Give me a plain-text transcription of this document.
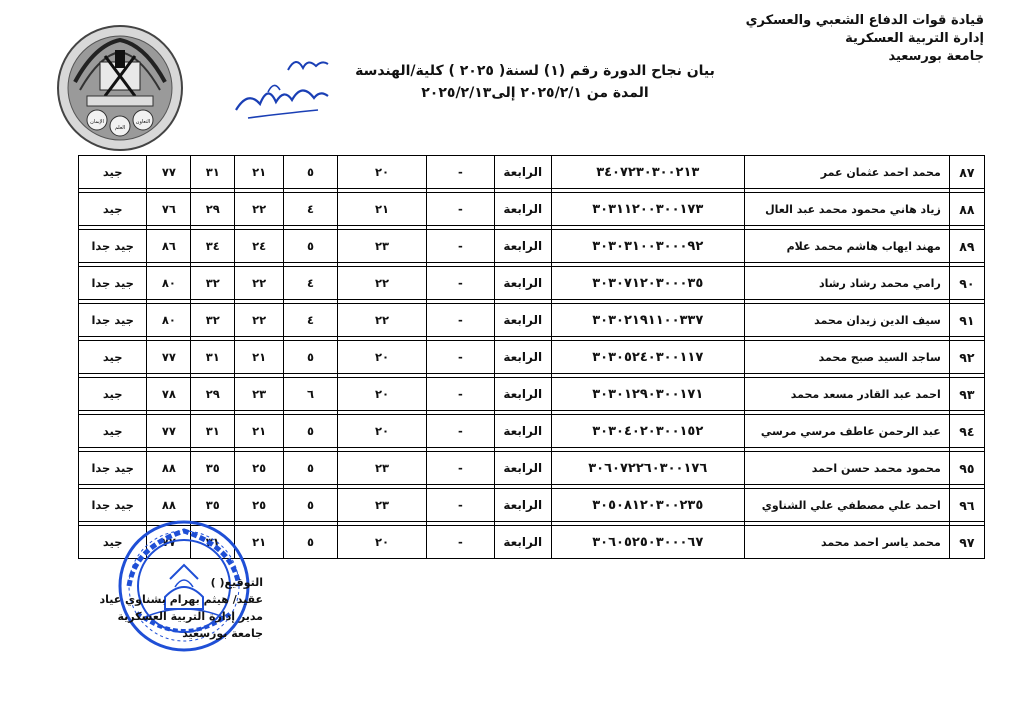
قيادة قوات الدفاع الشعبي والعسكري
إدارة التربية العسكرية
جامعة بورسعيد
بيان نجاح الدورة رقم (١) لسنة( ٢٠٢٥ ) كلية/الهندسة
المدة من ٢٠٢٥/٢/١ إلى٢٠٢٥/٢/١٣
الإيمان
العلم
التعاون
٨٧	محمد احمد عثمان عمر	٣٤٠٧٢٣٠٣٠٠٢١٣	الرابعة	-	٢٠	٥	٢١	٣١	٧٧	جيد

٨٨	زياد هاني محمود محمد عبد العال	٣٠٣١١٢٠٠٣٠٠١٧٣	الرابعة	-	٢١	٤	٢٢	٢٩	٧٦	جيد

٨٩	مهند ايهاب هاشم محمد علام	٣٠٣٠٣١٠٠٣٠٠٠٩٢	الرابعة	-	٢٣	٥	٢٤	٣٤	٨٦	جيد جدا

٩٠	رامي محمد رشاد رشاد	٣٠٣٠٧١٢٠٣٠٠٠٣٥	الرابعة	-	٢٢	٤	٢٢	٣٢	٨٠	جيد جدا

٩١	سيف الدين زيدان محمد	٣٠٣٠٢١٩١١٠٠٣٣٧	الرابعة	-	٢٢	٤	٢٢	٣٢	٨٠	جيد جدا

٩٢	ساجد السيد صبح محمد	٣٠٣٠٥٢٤٠٣٠٠١١٧	الرابعة	-	٢٠	٥	٢١	٣١	٧٧	جيد

٩٣	احمد عبد القادر مسعد محمد	٣٠٣٠١٢٩٠٣٠٠١٧١	الرابعة	-	٢٠	٦	٢٣	٢٩	٧٨	جيد

٩٤	عبد الرحمن عاطف مرسي مرسي	٣٠٣٠٤٠٢٠٣٠٠١٥٢	الرابعة	-	٢٠	٥	٢١	٣١	٧٧	جيد

٩٥	محمود محمد حسن احمد	٣٠٦٠٧٢٢٦٠٣٠٠١٧٦	الرابعة	-	٢٣	٥	٢٥	٣٥	٨٨	جيد جدا

٩٦	احمد علي مصطفي علي الشناوي	٣٠٥٠٨١٢٠٣٠٠٢٣٥	الرابعة	-	٢٣	٥	٢٥	٣٥	٨٨	جيد جدا

٩٧	محمد ياسر احمد محمد	٣٠٦٠٥٢٥٠٣٠٠٠٦٧	الرابعة	-	٢٠	٥	٢١	٣١	٧٧	جيد
التوقيع( )
عقيد/ هيثم بهرام بشناوي عياد
مدير إدارة التربية العسكرية
جامعة بورسعيد
